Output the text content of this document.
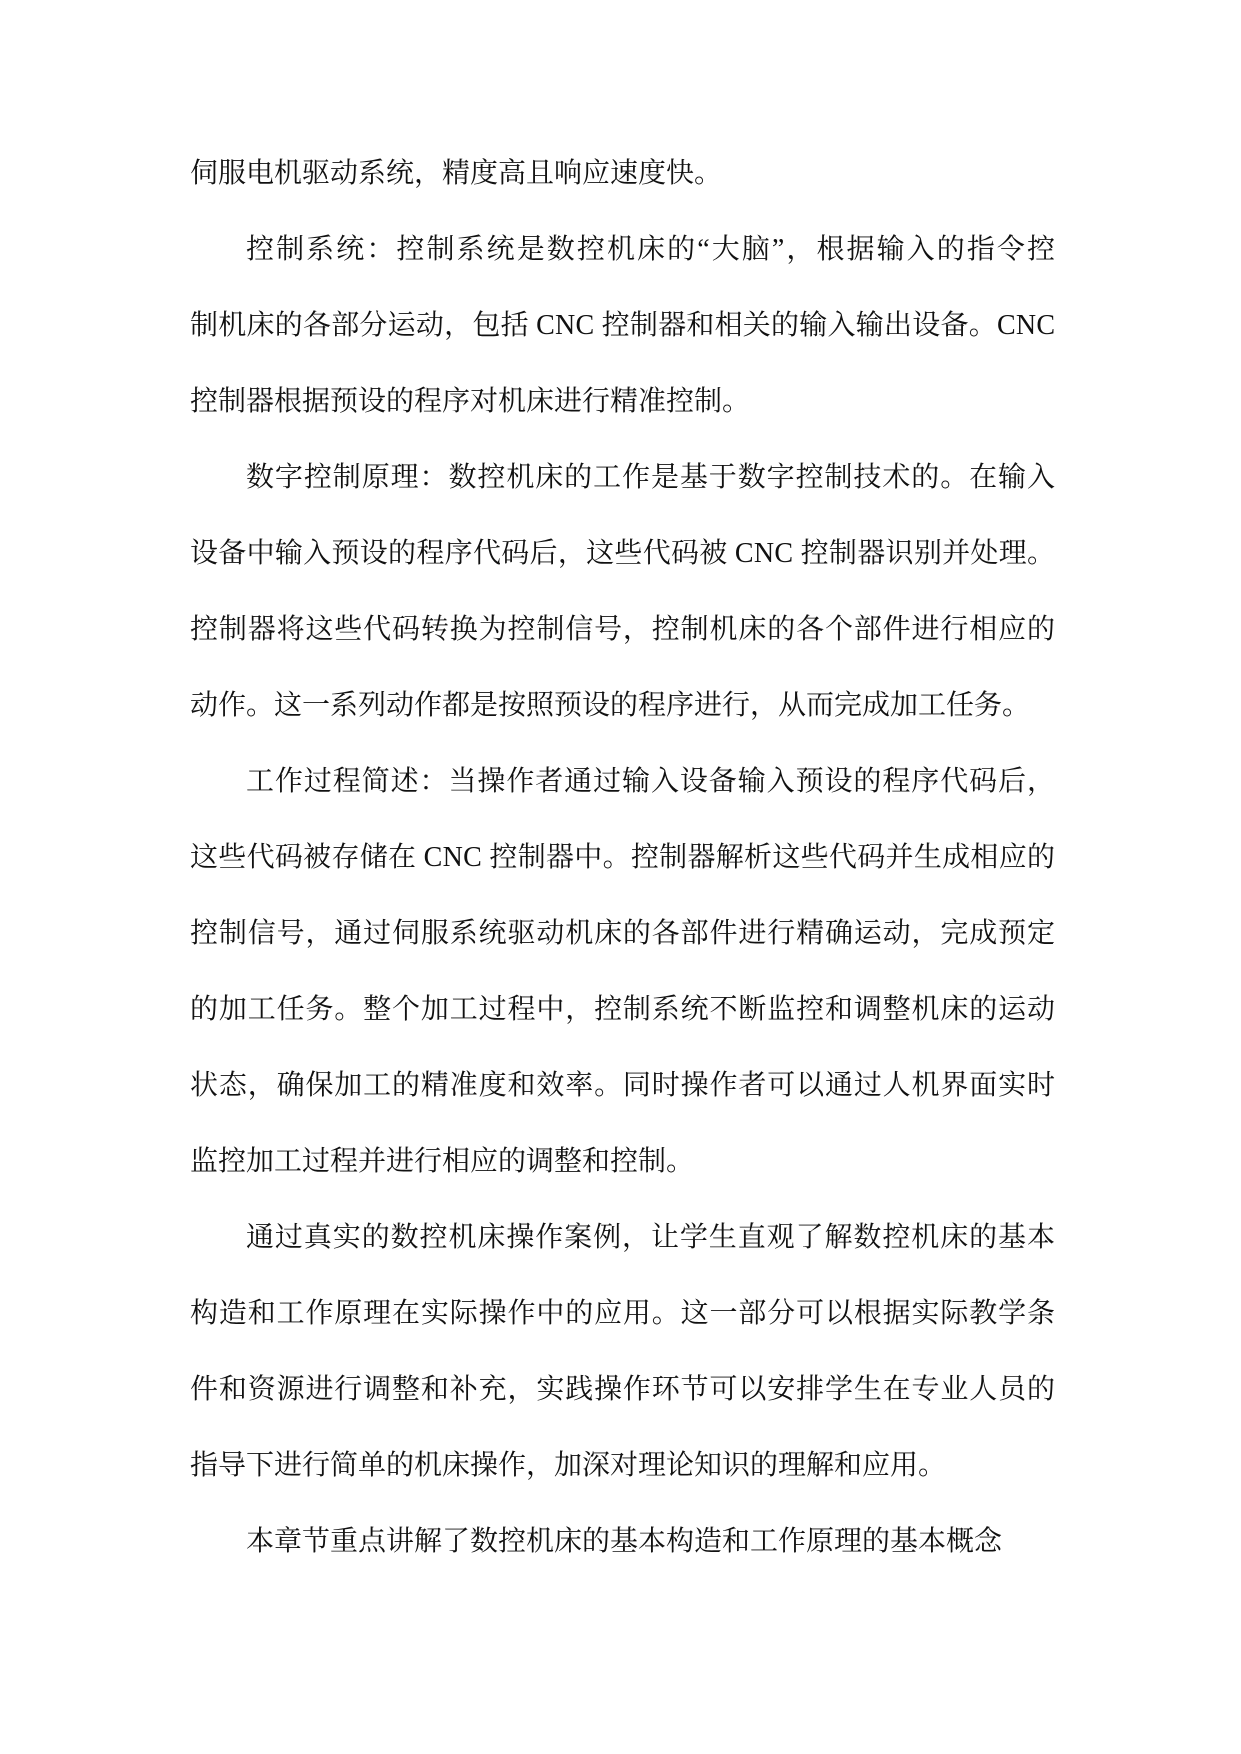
伺服电机驱动系统，精度高且响应速度快。
控制系统：控制系统是数控机床的“大脑”，根据输入的指令控
制机床的各部分运动，包括 CNC 控制器和相关的输入输出设备。CNC
控制器根据预设的程序对机床进行精准控制。
数字控制原理：数控机床的工作是基于数字控制技术的。在输入
设备中输入预设的程序代码后，这些代码被 CNC 控制器识别并处理。
控制器将这些代码转换为控制信号，控制机床的各个部件进行相应的
动作。这一系列动作都是按照预设的程序进行，从而完成加工任务。
工作过程简述：当操作者通过输入设备输入预设的程序代码后，
这些代码被存储在 CNC 控制器中。控制器解析这些代码并生成相应的
控制信号，通过伺服系统驱动机床的各部件进行精确运动，完成预定
的加工任务。整个加工过程中，控制系统不断监控和调整机床的运动
状态，确保加工的精准度和效率。同时操作者可以通过人机界面实时
监控加工过程并进行相应的调整和控制。
通过真实的数控机床操作案例，让学生直观了解数控机床的基本
构造和工作原理在实际操作中的应用。这一部分可以根据实际教学条
件和资源进行调整和补充，实践操作环节可以安排学生在专业人员的
指导下进行简单的机床操作，加深对理论知识的理解和应用。
本章节重点讲解了数控机床的基本构造和工作原理的基本概念
